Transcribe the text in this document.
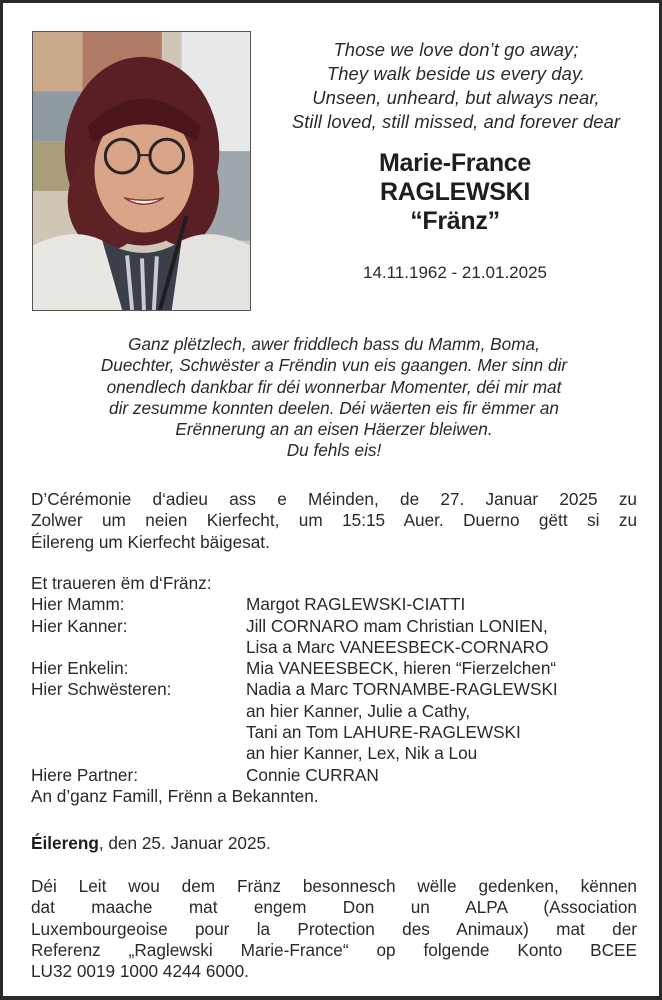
Those we love don’t go away;
They walk beside us every day.
Unseen, unheard, but always near,
Still loved, still missed, and forever dear
Marie-France
RAGLEWSKI
“Fränz”
14.11.1962 - 21.01.2025
Ganz plëtzlech, awer friddlech bass du Mamm, Boma,
Duechter, Schwëster a Frëndin vun eis gaangen. Mer sinn dir
onendlech dankbar fir déi wonnerbar Momenter, déi mir mat
dir zesumme konnten deelen. Déi wäerten eis fir ëmmer an
Erënnerung an an eisen Häerzer bleiwen.
Du fehls eis!
D’Cérémonie d‘adieu ass e Méinden, de 27. Januar 2025 zu
Zolwer um neien Kierfecht, um 15:15 Auer. Duerno gëtt si zu
Éilereng um Kierfecht bäigesat.
Et traueren ëm d‘Fränz:
Hier Mamm:	Margot RAGLEWSKI-CIATTI
Hier Kanner:	Jill CORNARO mam Christian LONIEN,

Lisa a Marc VANEESBECK-CORNARO
Hier Enkelin:	Mia VANEESBECK, hieren “Fierzelchen“
Hier Schwësteren:	Nadia a Marc TORNAMBE-RAGLEWSKI

an hier Kanner, Julie a Cathy,

Tani an Tom LAHURE-RAGLEWSKI

an hier Kanner, Lex, Nik a Lou
Hiere Partner:	Connie CURRAN
An d’ganz Famill, Frënn a Bekannten.
Éilereng, den 25. Januar 2025.
Déi Leit wou dem Fränz besonnesch wëlle gedenken, kënnen
dat maache mat engem Don un ALPA (Association
Luxembourgeoise pour la Protection des Animaux) mat der
Referenz „Raglewski Marie-France“ op folgende Konto BCEE
LU32 0019 1000 4244 6000.
